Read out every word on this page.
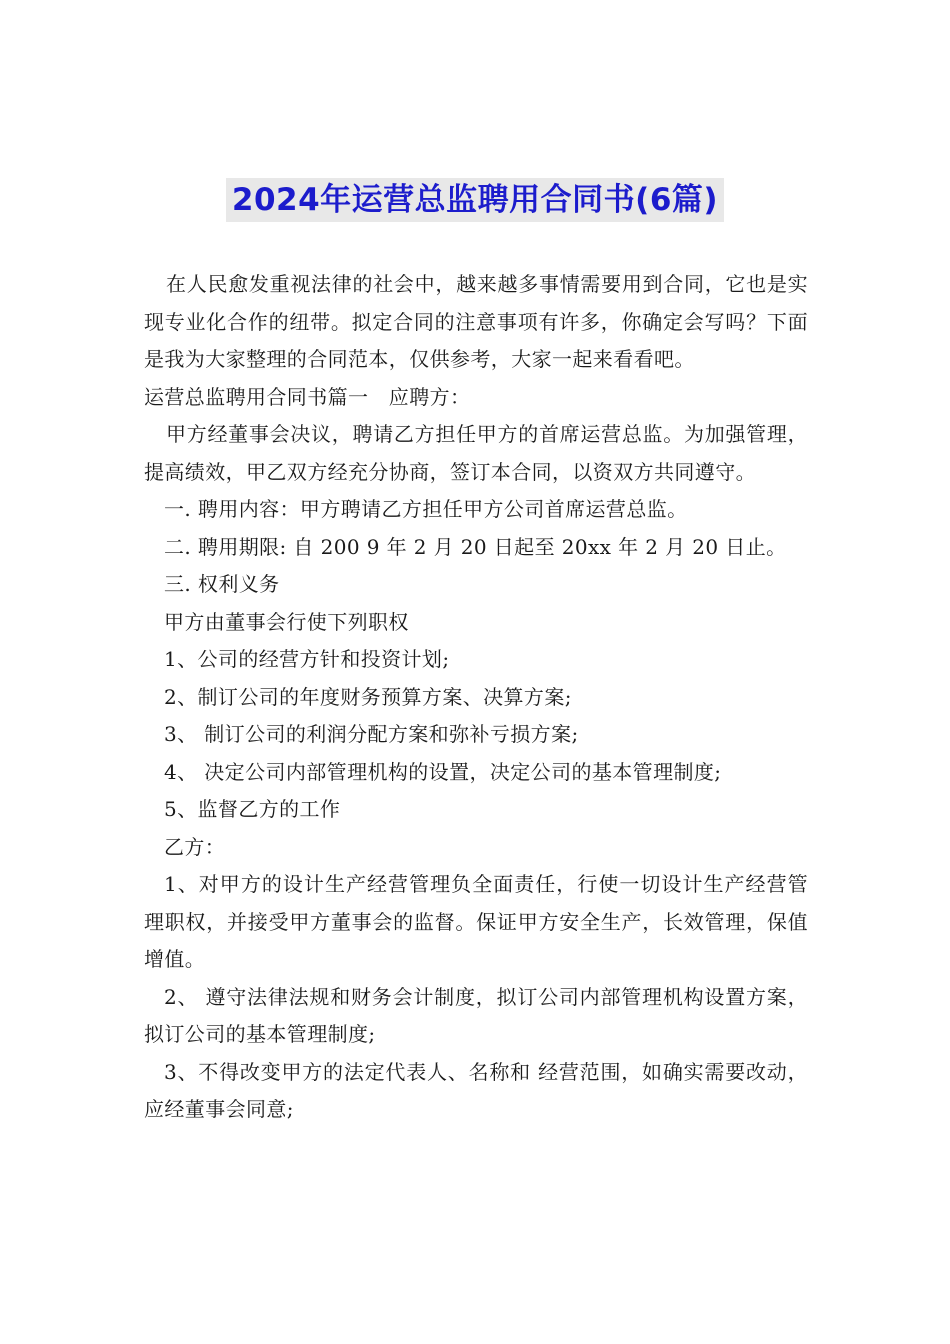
2024年运营总监聘用合同书(6篇)

在人民愈发重视法律的社会中，越来越多事情需要用到合同，它也是实现专业化合作的纽带。拟定合同的注意事项有许多，你确定会写吗？下面是我为大家整理的合同范本，仅供参考，大家一起来看看吧。

运营总监聘用合同书篇一　应聘方：

甲方经董事会决议，聘请乙方担任甲方的首席运营总监。为加强管理，提高绩效，甲乙双方经充分协商，签订本合同，以资双方共同遵守。

一. 聘用内容：甲方聘请乙方担任甲方公司首席运营总监。

二. 聘用期限: 自 200 9 年 2 月 20 日起至 20xx 年 2 月 20 日止。

三. 权利义务

甲方由董事会行使下列职权

1、公司的经营方针和投资计划;

2、制订公司的年度财务预算方案、决算方案;

3、 制订公司的利润分配方案和弥补亏损方案;

4、 决定公司内部管理机构的设置，决定公司的基本管理制度;

5、监督乙方的工作

乙方：

1、对甲方的设计生产经营管理负全面责任，行使一切设计生产经营管理职权，并接受甲方董事会的监督。保证甲方安全生产，长效管理，保值增值。

2、 遵守法律法规和财务会计制度，拟订公司内部管理机构设置方案，拟订公司的基本管理制度;

3、不得改变甲方的法定代表人、名称和 经营范围，如确实需要改动，应经董事会同意;
